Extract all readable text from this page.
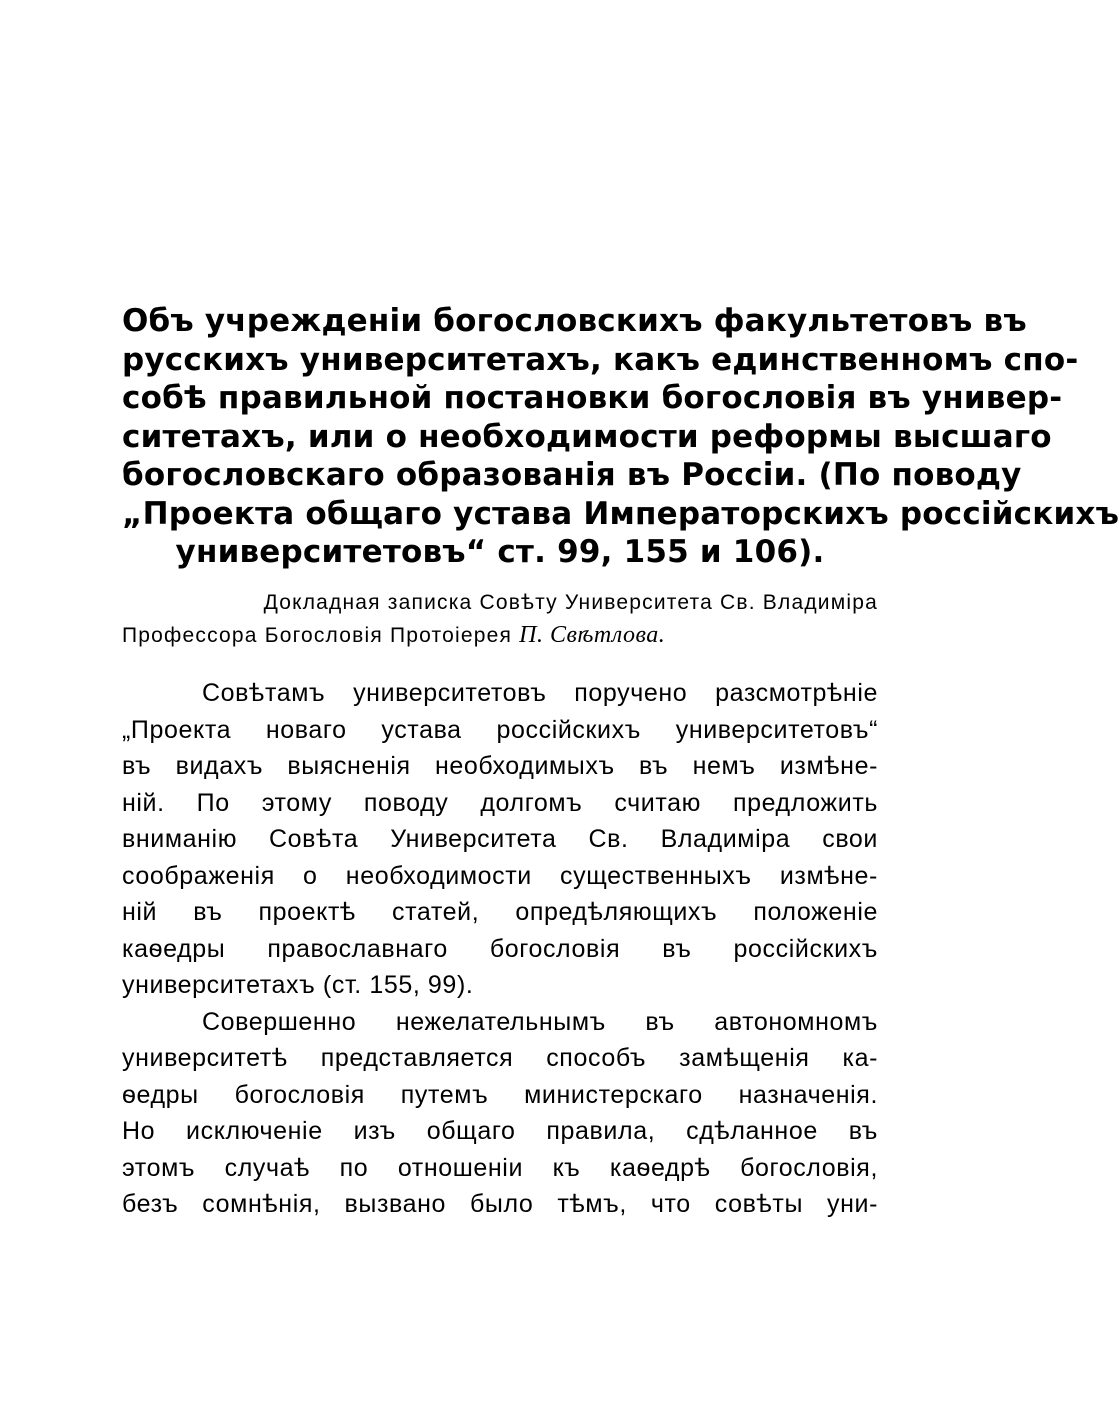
Объ учрежденіи богословскихъ факультетовъ въ
русскихъ университетахъ, какъ единственномъ спо-
собѣ правильной постановки богословія въ универ-
ситетахъ, или о необходимости реформы высшаго
богословскаго образованія въ Россіи. (По поводу
„Проекта общаго устава Императорскихъ россійскихъ
университетовъ“ ст. 99, 155 и 106).
Докладная записка Совѣту Университета Св. Владиміра
Профессора Богословія Протоіерея П. Свѣтлова.
Совѣтамъ университетовъ поручено разсмотрѣніе
„Проекта новаго устава россійскихъ университетовъ“
въ видахъ выясненія необходимыхъ въ немъ измѣне-
ній. По этому поводу долгомъ считаю предложить
вниманію Совѣта Университета Св. Владиміра свои
соображенія о необходимости существенныхъ измѣне-
ній въ проектѣ статей, опредѣляющихъ положеніе
каѳедры православнаго богословія въ россійскихъ
университетахъ (ст. 155, 99).
Совершенно нежелательнымъ въ автономномъ
университетѣ представляется способъ замѣщенія ка-
ѳедры богословія путемъ министерскаго назначенія.
Но исключеніе изъ общаго правила, сдѣланное въ
этомъ случаѣ по отношеніи къ каѳедрѣ богословія,
безъ сомнѣнія, вызвано было тѣмъ, что совѣты уни-
